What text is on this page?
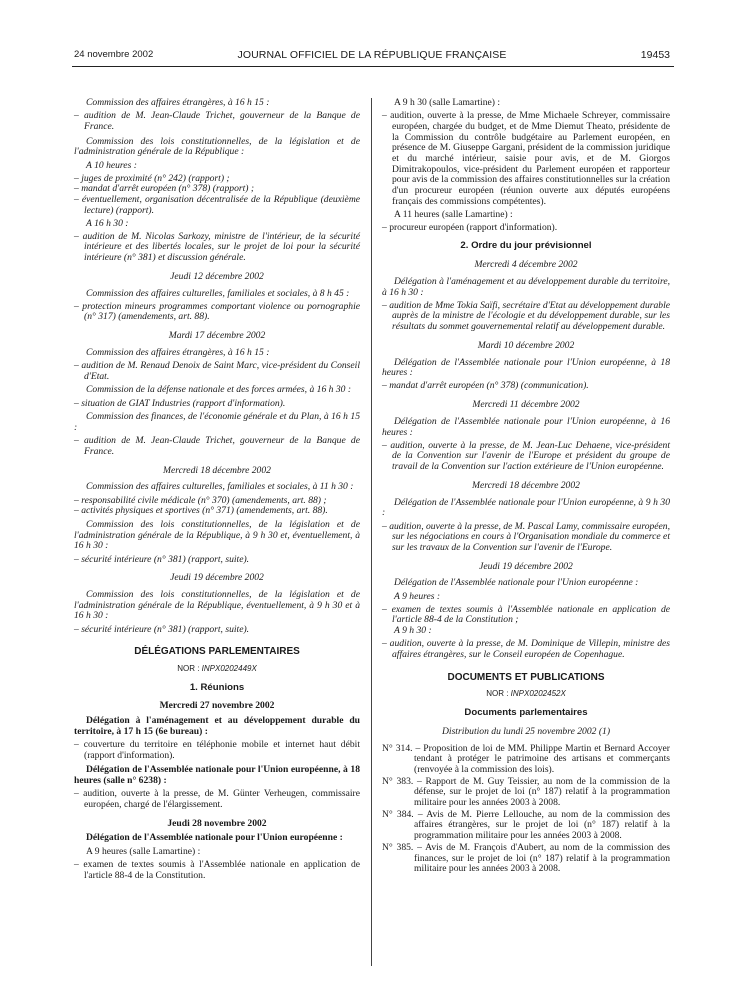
24 novembre 2002	JOURNAL OFFICIEL DE LA RÉPUBLIQUE FRANÇAISE	19453

Commission des affaires étrangères, à 16 h 15 :

– audition de M. Jean-Claude Trichet, gouverneur de la Banque de France.

Commission des lois constitutionnelles, de la législation et de l'administration générale de la République :

A 10 heures :

– juges de proximité (n° 242) (rapport) ;

– mandat d'arrêt européen (n° 378) (rapport) ;

– éventuellement, organisation décentralisée de la République (deuxième lecture) (rapport).

A 16 h 30 :

– audition de M. Nicolas Sarkozy, ministre de l'intérieur, de la sécurité intérieure et des libertés locales, sur le projet de loi pour la sécurité intérieure (n° 381) et discussion générale.

Jeudi 12 décembre 2002

Commission des affaires culturelles, familiales et sociales, à 8 h 45 :

– protection mineurs programmes comportant violence ou pornographie (n° 317) (amendements, art. 88).

Mardi 17 décembre 2002

Commission des affaires étrangères, à 16 h 15 :

– audition de M. Renaud Denoix de Saint Marc, vice-président du Conseil d'Etat.

Commission de la défense nationale et des forces armées, à 16 h 30 :

– situation de GIAT Industries (rapport d'information).

Commission des finances, de l'économie générale et du Plan, à 16 h 15 :

– audition de M. Jean-Claude Trichet, gouverneur de la Banque de France.

Mercredi 18 décembre 2002

Commission des affaires culturelles, familiales et sociales, à 11 h 30 :

– responsabilité civile médicale (n° 370) (amendements, art. 88) ;

– activités physiques et sportives (n° 371) (amendements, art. 88).

Commission des lois constitutionnelles, de la législation et de l'administration générale de la République, à 9 h 30 et, éventuellement, à 16 h 30 :

– sécurité intérieure (n° 381) (rapport, suite).

Jeudi 19 décembre 2002

Commission des lois constitutionnelles, de la législation et de l'administration générale de la République, éventuellement, à 9 h 30 et à 16 h 30 :

– sécurité intérieure (n° 381) (rapport, suite).

DÉLÉGATIONS PARLEMENTAIRES

NOR : INPX0202449X

1. Réunions

Mercredi 27 novembre 2002

Délégation à l'aménagement et au développement durable du territoire, à 17 h 15 (6e bureau) :

– couverture du territoire en téléphonie mobile et internet haut débit (rapport d'information).

Délégation de l'Assemblée nationale pour l'Union européenne, à 18 heures (salle n° 6238) :

– audition, ouverte à la presse, de M. Günter Verheugen, commissaire européen, chargé de l'élargissement.

Jeudi 28 novembre 2002

Délégation de l'Assemblée nationale pour l'Union européenne :

A 9 heures (salle Lamartine) :

– examen de textes soumis à l'Assemblée nationale en application de l'article 88-4 de la Constitution.

A 9 h 30 (salle Lamartine) :

– audition, ouverte à la presse, de Mme Michaele Schreyer, commissaire européen, chargée du budget, et de Mme Diemut Theato, présidente de la Commission du contrôle budgétaire au Parlement européen, en présence de M. Giuseppe Gargani, président de la commission juridique et du marché intérieur, saisie pour avis, et de M. Giorgos Dimitrakopoulos, vice-président du Parlement européen et rapporteur pour avis de la commission des affaires constitutionnelles sur la création d'un procureur européen (réunion ouverte aux députés européens français des commissions compétentes).

A 11 heures (salle Lamartine) :

– procureur européen (rapport d'information).

2. Ordre du jour prévisionnel

Mercredi 4 décembre 2002

Délégation à l'aménagement et au développement durable du territoire, à 16 h 30 :

– audition de Mme Tokia Saïfi, secrétaire d'Etat au développement durable auprès de la ministre de l'écologie et du développement durable, sur les résultats du sommet gouvernemental relatif au développement durable.

Mardi 10 décembre 2002

Délégation de l'Assemblée nationale pour l'Union européenne, à 18 heures :

– mandat d'arrêt européen (n° 378) (communication).

Mercredi 11 décembre 2002

Délégation de l'Assemblée nationale pour l'Union européenne, à 16 heures :

– audition, ouverte à la presse, de M. Jean-Luc Dehaene, vice-président de la Convention sur l'avenir de l'Europe et président du groupe de travail de la Convention sur l'action extérieure de l'Union européenne.

Mercredi 18 décembre 2002

Délégation de l'Assemblée nationale pour l'Union européenne, à 9 h 30 :

– audition, ouverte à la presse, de M. Pascal Lamy, commissaire européen, sur les négociations en cours à l'Organisation mondiale du commerce et sur les travaux de la Convention sur l'avenir de l'Europe.

Jeudi 19 décembre 2002

Délégation de l'Assemblée nationale pour l'Union européenne :

A 9 heures :

– examen de textes soumis à l'Assemblée nationale en application de l'article 88-4 de la Constitution ;

A 9 h 30 :

– audition, ouverte à la presse, de M. Dominique de Villepin, ministre des affaires étrangères, sur le Conseil européen de Copenhague.

DOCUMENTS ET PUBLICATIONS

NOR : INPX0202452X

Documents parlementaires

Distribution du lundi 25 novembre 2002 (1)

N° 314. – Proposition de loi de MM. Philippe Martin et Bernard Accoyer tendant à protéger le patrimoine des artisans et commerçants (renvoyée à la commission des lois).

N° 383. – Rapport de M. Guy Teissier, au nom de la commission de la défense, sur le projet de loi (n° 187) relatif à la programmation militaire pour les années 2003 à 2008.

N° 384. – Avis de M. Pierre Lellouche, au nom de la commission des affaires étrangères, sur le projet de loi (n° 187) relatif à la programmation militaire pour les années 2003 à 2008.

N° 385. – Avis de M. François d'Aubert, au nom de la commission des finances, sur le projet de loi (n° 187) relatif à la programmation militaire pour les années 2003 à 2008.
